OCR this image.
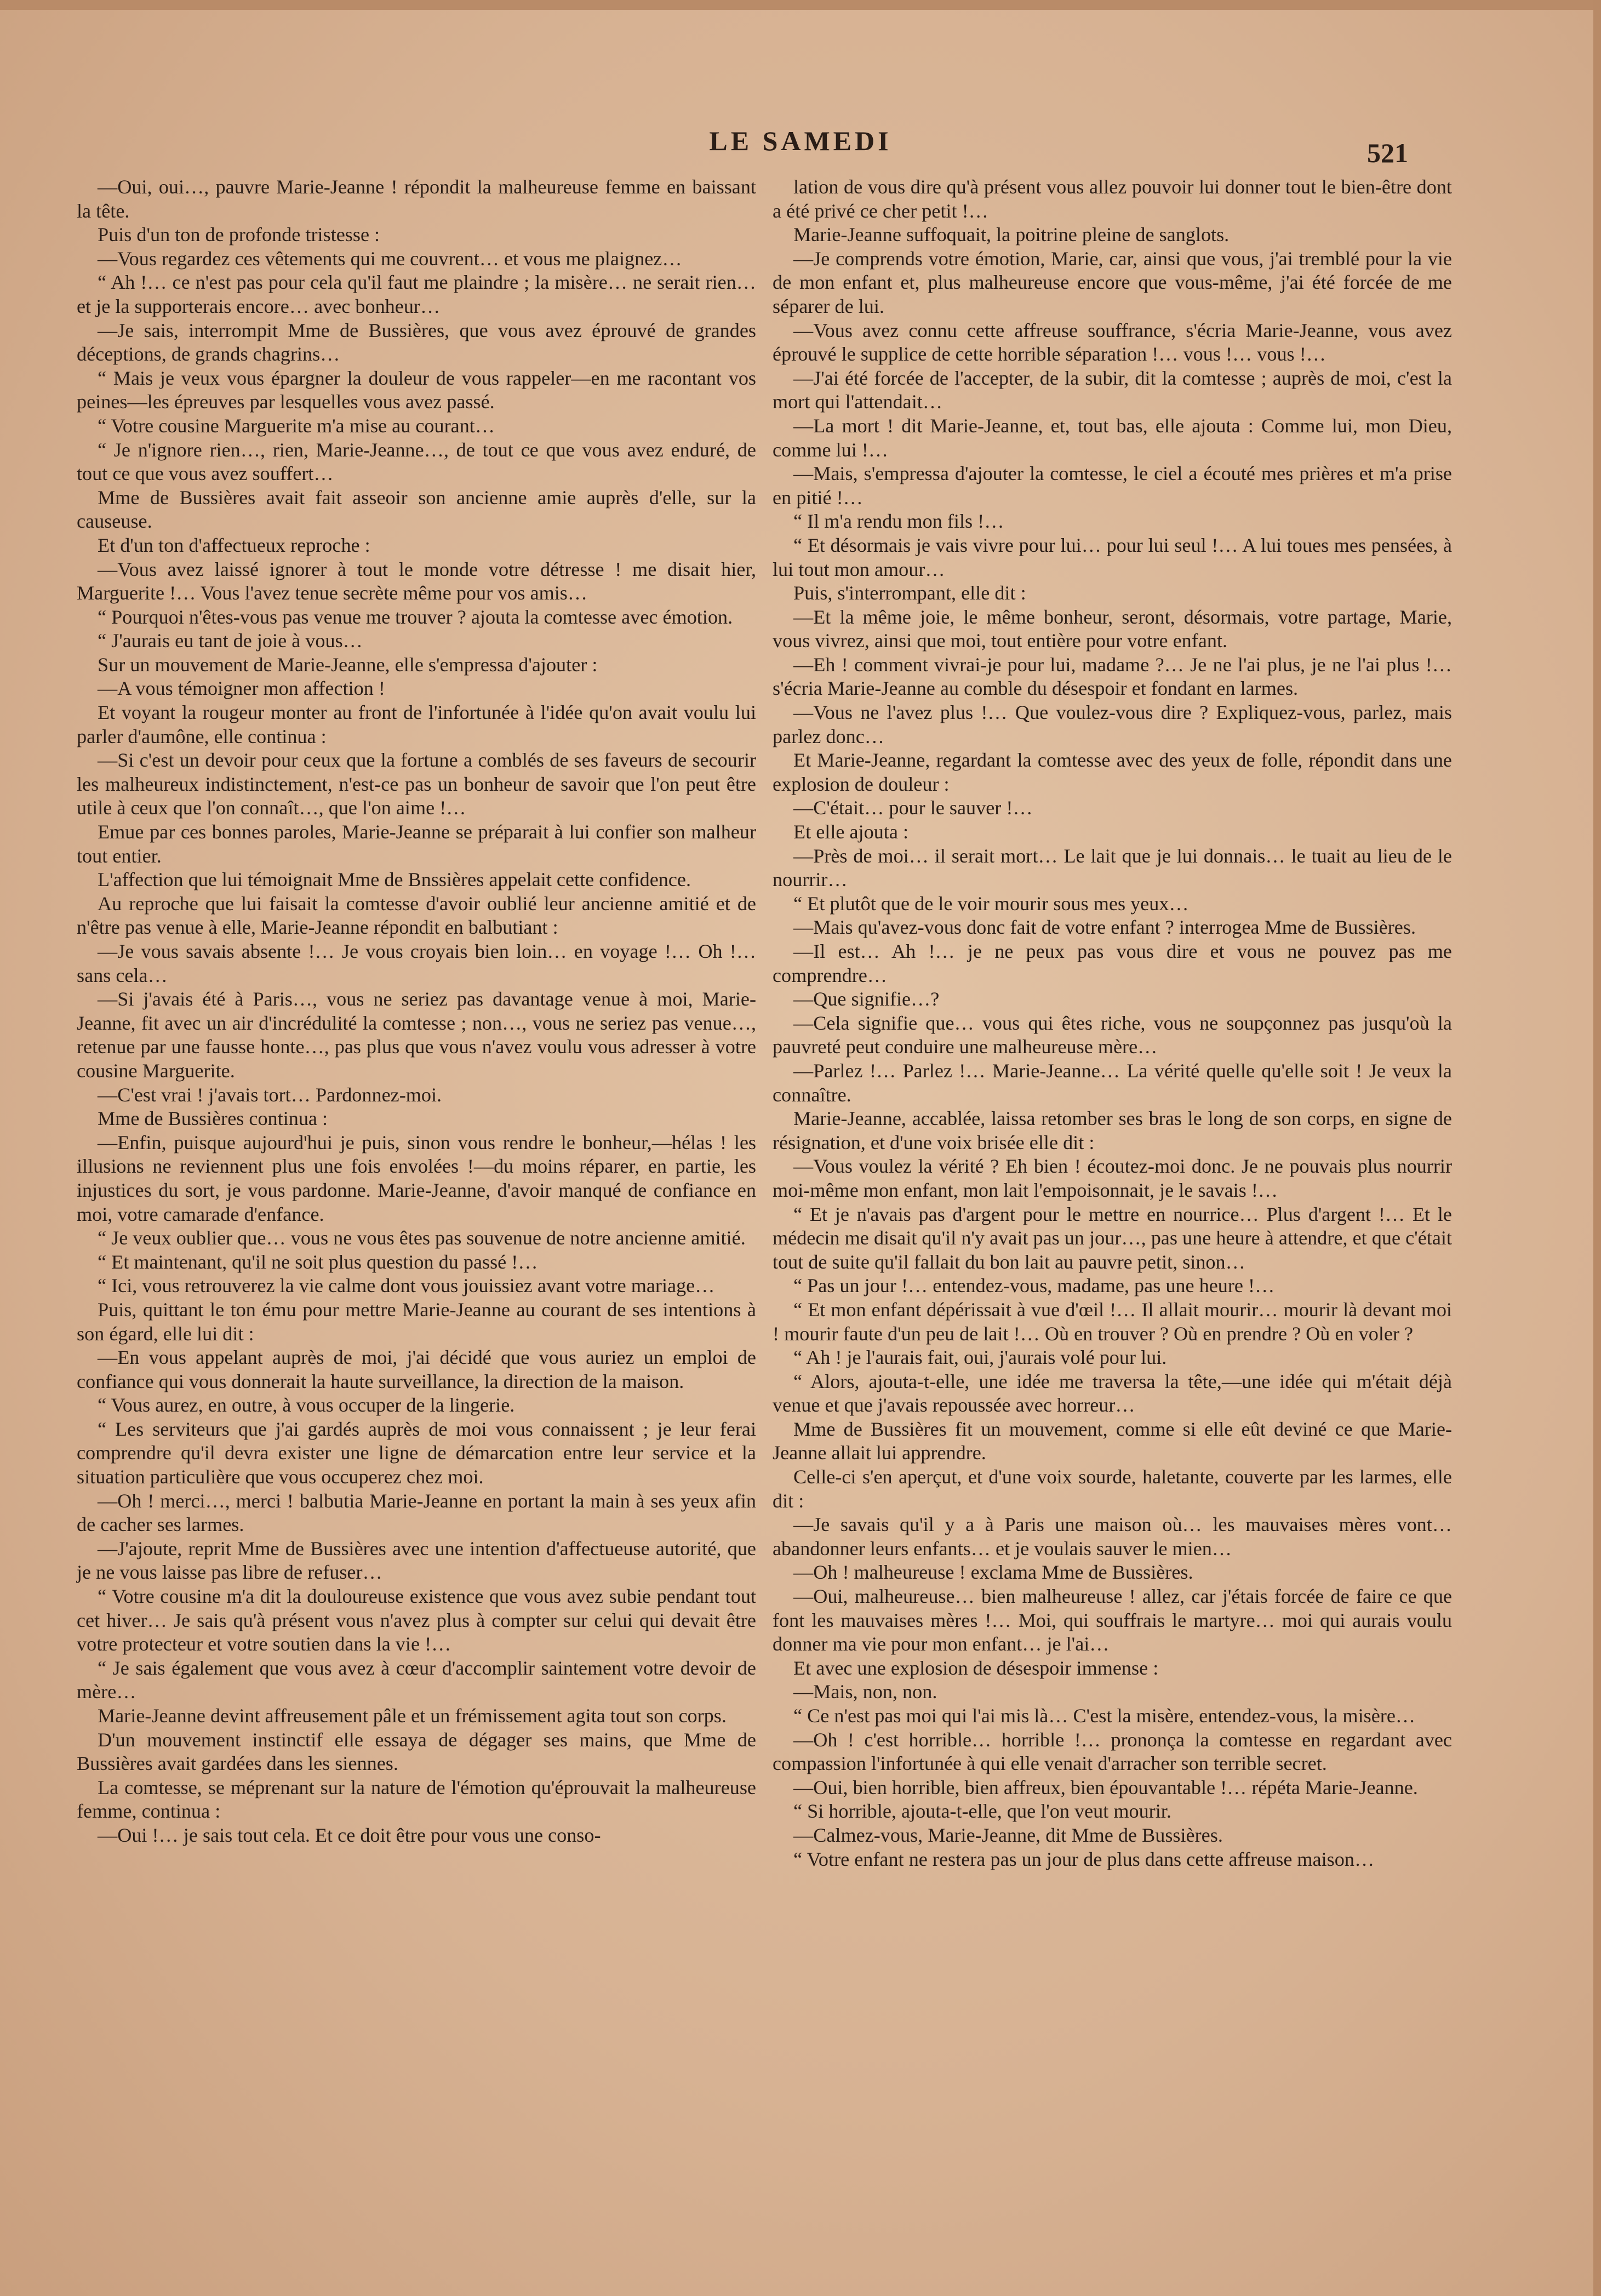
LE SAMEDI	521

—Oui, oui…, pauvre Marie-Jeanne ! répondit la malheureuse femme en baissant la tête.

Puis d'un ton de profonde tristesse :

—Vous regardez ces vêtements qui me couvrent… et vous me plaignez…

“ Ah !… ce n'est pas pour cela qu'il faut me plaindre ; la misère… ne serait rien… et je la supporterais encore… avec bonheur…

—Je sais, interrompit Mme de Bussières, que vous avez éprouvé de grandes déceptions, de grands chagrins…

“ Mais je veux vous épargner la douleur de vous rappeler—en me racontant vos peines—les épreuves par lesquelles vous avez passé.

“ Votre cousine Marguerite m'a mise au courant…

“ Je n'ignore rien…, rien, Marie-Jeanne…, de tout ce que vous avez enduré, de tout ce que vous avez souffert…

Mme de Bussières avait fait asseoir son ancienne amie auprès d'elle, sur la causeuse.

Et d'un ton d'affectueux reproche :

—Vous avez laissé ignorer à tout le monde votre détresse ! me disait hier, Marguerite !… Vous l'avez tenue secrète même pour vos amis…

“ Pourquoi n'êtes-vous pas venue me trouver ? ajouta la comtesse avec émotion.

“ J'aurais eu tant de joie à vous…

Sur un mouvement de Marie-Jeanne, elle s'empressa d'ajouter :

—A vous témoigner mon affection !

Et voyant la rougeur monter au front de l'infortunée à l'idée qu'on avait voulu lui parler d'aumône, elle continua :

—Si c'est un devoir pour ceux que la fortune a comblés de ses faveurs de secourir les malheureux indistinctement, n'est-ce pas un bonheur de savoir que l'on peut être utile à ceux que l'on connaît…, que l'on aime !…

Emue par ces bonnes paroles, Marie-Jeanne se préparait à lui confier son malheur tout entier.

L'affection que lui témoignait Mme de Bnssières appelait cette confidence.

Au reproche que lui faisait la comtesse d'avoir oublié leur ancienne amitié et de n'être pas venue à elle, Marie-Jeanne répondit en balbutiant :

—Je vous savais absente !… Je vous croyais bien loin… en voyage !… Oh !… sans cela…

—Si j'avais été à Paris…, vous ne seriez pas davantage venue à moi, Marie-Jeanne, fit avec un air d'incrédulité la comtesse ; non…, vous ne seriez pas venue…, retenue par une fausse honte…, pas plus que vous n'avez voulu vous adresser à votre cousine Marguerite.

—C'est vrai ! j'avais tort… Pardonnez-moi.

Mme de Bussières continua :

—Enfin, puisque aujourd'hui je puis, sinon vous rendre le bonheur,—hélas ! les illusions ne reviennent plus une fois envolées !—du moins réparer, en partie, les injustices du sort, je vous pardonne. Marie-Jeanne, d'avoir manqué de confiance en moi, votre camarade d'enfance.

“ Je veux oublier que… vous ne vous êtes pas souvenue de notre ancienne amitié.

“ Et maintenant, qu'il ne soit plus question du passé !…

“ Ici, vous retrouverez la vie calme dont vous jouissiez avant votre mariage…

Puis, quittant le ton ému pour mettre Marie-Jeanne au courant de ses intentions à son égard, elle lui dit :

—En vous appelant auprès de moi, j'ai décidé que vous auriez un emploi de confiance qui vous donnerait la haute surveillance, la direction de la maison.

“ Vous aurez, en outre, à vous occuper de la lingerie.

“ Les serviteurs que j'ai gardés auprès de moi vous connaissent ; je leur ferai comprendre qu'il devra exister une ligne de démarcation entre leur service et la situation particulière que vous occuperez chez moi.

—Oh ! merci…, merci ! balbutia Marie-Jeanne en portant la main à ses yeux afin de cacher ses larmes.

—J'ajoute, reprit Mme de Bussières avec une intention d'affectueuse autorité, que je ne vous laisse pas libre de refuser…

“ Votre cousine m'a dit la douloureuse existence que vous avez subie pendant tout cet hiver… Je sais qu'à présent vous n'avez plus à compter sur celui qui devait être votre protecteur et votre soutien dans la vie !…

“ Je sais également que vous avez à cœur d'accomplir saintement votre devoir de mère…

Marie-Jeanne devint affreusement pâle et un frémissement agita tout son corps.

D'un mouvement instinctif elle essaya de dégager ses mains, que Mme de Bussières avait gardées dans les siennes.

La comtesse, se méprenant sur la nature de l'émotion qu'éprouvait la malheureuse femme, continua :

—Oui !… je sais tout cela. Et ce doit être pour vous une conso-

lation de vous dire qu'à présent vous allez pouvoir lui donner tout le bien-être dont a été privé ce cher petit !…

Marie-Jeanne suffoquait, la poitrine pleine de sanglots.

—Je comprends votre émotion, Marie, car, ainsi que vous, j'ai tremblé pour la vie de mon enfant et, plus malheureuse encore que vous-même, j'ai été forcée de me séparer de lui.

—Vous avez connu cette affreuse souffrance, s'écria Marie-Jeanne, vous avez éprouvé le supplice de cette horrible séparation !… vous !… vous !…

—J'ai été forcée de l'accepter, de la subir, dit la comtesse ; auprès de moi, c'est la mort qui l'attendait…

—La mort ! dit Marie-Jeanne, et, tout bas, elle ajouta : Comme lui, mon Dieu, comme lui !…

—Mais, s'empressa d'ajouter la comtesse, le ciel a écouté mes prières et m'a prise en pitié !…

“ Il m'a rendu mon fils !…

“ Et désormais je vais vivre pour lui… pour lui seul !… A lui toues mes pensées, à lui tout mon amour…

Puis, s'interrompant, elle dit :

—Et la même joie, le même bonheur, seront, désormais, votre partage, Marie, vous vivrez, ainsi que moi, tout entière pour votre enfant.

—Eh ! comment vivrai-je pour lui, madame ?… Je ne l'ai plus, je ne l'ai plus !… s'écria Marie-Jeanne au comble du désespoir et fondant en larmes.

—Vous ne l'avez plus !… Que voulez-vous dire ? Expliquez-vous, parlez, mais parlez donc…

Et Marie-Jeanne, regardant la comtesse avec des yeux de folle, répondit dans une explosion de douleur :

—C'était… pour le sauver !…

Et elle ajouta :

—Près de moi… il serait mort… Le lait que je lui donnais… le tuait au lieu de le nourrir…

“ Et plutôt que de le voir mourir sous mes yeux…

—Mais qu'avez-vous donc fait de votre enfant ? interrogea Mme de Bussières.

—Il est… Ah !… je ne peux pas vous dire et vous ne pouvez pas me comprendre…

—Que signifie…?

—Cela signifie que… vous qui êtes riche, vous ne soupçonnez pas jusqu'où la pauvreté peut conduire une malheureuse mère…

—Parlez !… Parlez !… Marie-Jeanne… La vérité quelle qu'elle soit ! Je veux la connaître.

Marie-Jeanne, accablée, laissa retomber ses bras le long de son corps, en signe de résignation, et d'une voix brisée elle dit :

—Vous voulez la vérité ? Eh bien ! écoutez-moi donc. Je ne pouvais plus nourrir moi-même mon enfant, mon lait l'empoisonnait, je le savais !…

“ Et je n'avais pas d'argent pour le mettre en nourrice… Plus d'argent !… Et le médecin me disait qu'il n'y avait pas un jour…, pas une heure à attendre, et que c'était tout de suite qu'il fallait du bon lait au pauvre petit, sinon…

“ Pas un jour !… entendez-vous, madame, pas une heure !…

“ Et mon enfant dépérissait à vue d'œil !… Il allait mourir… mourir là devant moi ! mourir faute d'un peu de lait !… Où en trouver ? Où en prendre ? Où en voler ?

“ Ah ! je l'aurais fait, oui, j'aurais volé pour lui.

“ Alors, ajouta-t-elle, une idée me traversa la tête,—une idée qui m'était déjà venue et que j'avais repoussée avec horreur…

Mme de Bussières fit un mouvement, comme si elle eût deviné ce que Marie-Jeanne allait lui apprendre.

Celle-ci s'en aperçut, et d'une voix sourde, haletante, couverte par les larmes, elle dit :

—Je savais qu'il y a à Paris une maison où… les mauvaises mères vont… abandonner leurs enfants… et je voulais sauver le mien…

—Oh ! malheureuse ! exclama Mme de Bussières.

—Oui, malheureuse… bien malheureuse ! allez, car j'étais forcée de faire ce que font les mauvaises mères !… Moi, qui souffrais le martyre… moi qui aurais voulu donner ma vie pour mon enfant… je l'ai…

Et avec une explosion de désespoir immense :

—Mais, non, non.

“ Ce n'est pas moi qui l'ai mis là… C'est la misère, entendez-vous, la misère…

—Oh ! c'est horrible… horrible !… prononça la comtesse en regardant avec compassion l'infortunée à qui elle venait d'arracher son terrible secret.

—Oui, bien horrible, bien affreux, bien épouvantable !… répéta Marie-Jeanne.

“ Si horrible, ajouta-t-elle, que l'on veut mourir.

—Calmez-vous, Marie-Jeanne, dit Mme de Bussières.

“ Votre enfant ne restera pas un jour de plus dans cette affreuse maison…
